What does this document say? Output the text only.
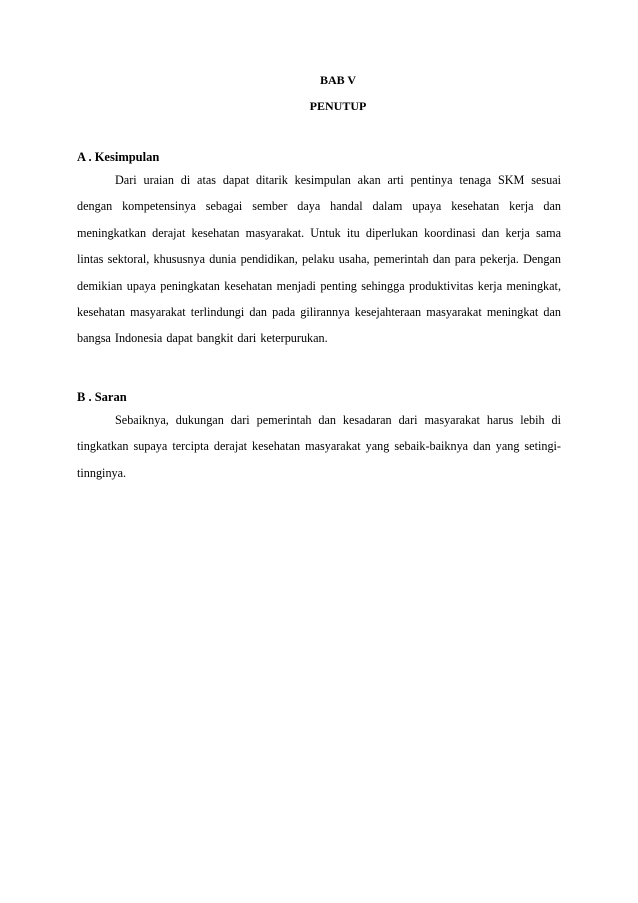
BAB V
PENUTUP
A . Kesimpulan

Dari uraian di atas dapat ditarik kesimpulan akan arti pentinya tenaga SKM sesuai dengan kompetensinya sebagai sember daya handal dalam upaya kesehatan kerja dan meningkatkan derajat kesehatan masyarakat. Untuk itu diperlukan koordinasi dan kerja sama lintas sektoral, khususnya dunia pendidikan, pelaku usaha, pemerintah dan para pekerja. Dengan demikian upaya peningkatan kesehatan menjadi penting sehingga produktivitas kerja meningkat, kesehatan masyarakat terlindungi dan pada gilirannya kesejahteraan masyarakat meningkat dan bangsa Indonesia dapat bangkit dari keterpurukan.

B . Saran

Sebaiknya, dukungan dari pemerintah dan kesadaran dari masyarakat harus lebih di tingkatkan supaya tercipta derajat kesehatan masyarakat yang sebaik-baiknya dan yang setingi-tinnginya.
